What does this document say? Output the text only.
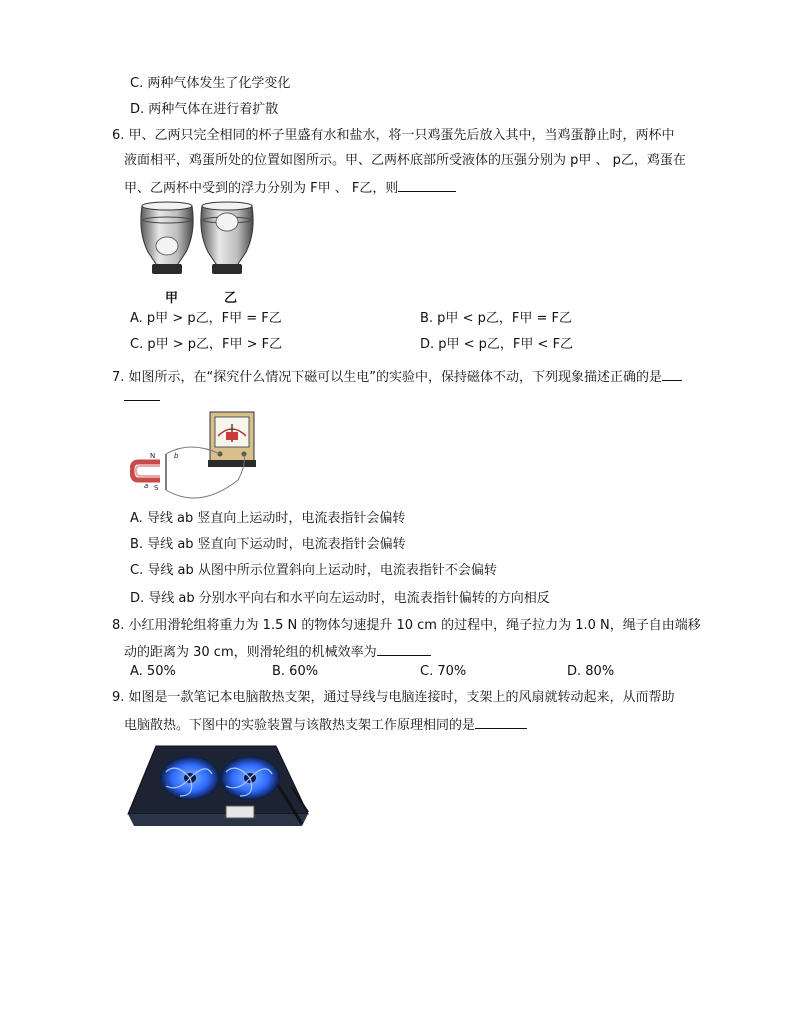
C. 两种气体发生了化学变化
D. 两种气体在进行着扩散
6. 甲、乙两只完全相同的杯子里盛有水和盐水，将一只鸡蛋先后放入其中，当鸡蛋静止时，两杯中
液面相平，鸡蛋所处的位置如图所示。甲、乙两杯底部所受液体的压强分别为 p甲 、 p乙，鸡蛋在
甲、乙两杯中受到的浮力分别为 F甲 、 F乙，则
甲	乙
A. p甲 > p乙，F甲 = F乙	B. p甲 < p乙，F甲 = F乙
C. p甲 > p乙，F甲 > F乙	D. p甲 < p乙，F甲 < F乙
7. 如图所示，在“探究什么情况下磁可以生电”的实验中，保持磁体不动，下列现象描述正确的是
N
S
b
a
A. 导线 ab 竖直向上运动时，电流表指针会偏转
B. 导线 ab 竖直向下运动时，电流表指针会偏转
C. 导线 ab 从图中所示位置斜向上运动时，电流表指针不会偏转
D. 导线 ab 分别水平向右和水平向左运动时，电流表指针偏转的方向相反
8. 小红用滑轮组将重力为 1.5 N 的物体匀速提升 10 cm 的过程中，绳子拉力为 1.0 N，绳子自由端移
动的距离为 30 cm，则滑轮组的机械效率为
A. 50%	B. 60%	C. 70%	D. 80%
9. 如图是一款笔记本电脑散热支架，通过导线与电脑连接时，支架上的风扇就转动起来，从而帮助
电脑散热。下图中的实验装置与该散热支架工作原理相同的是
